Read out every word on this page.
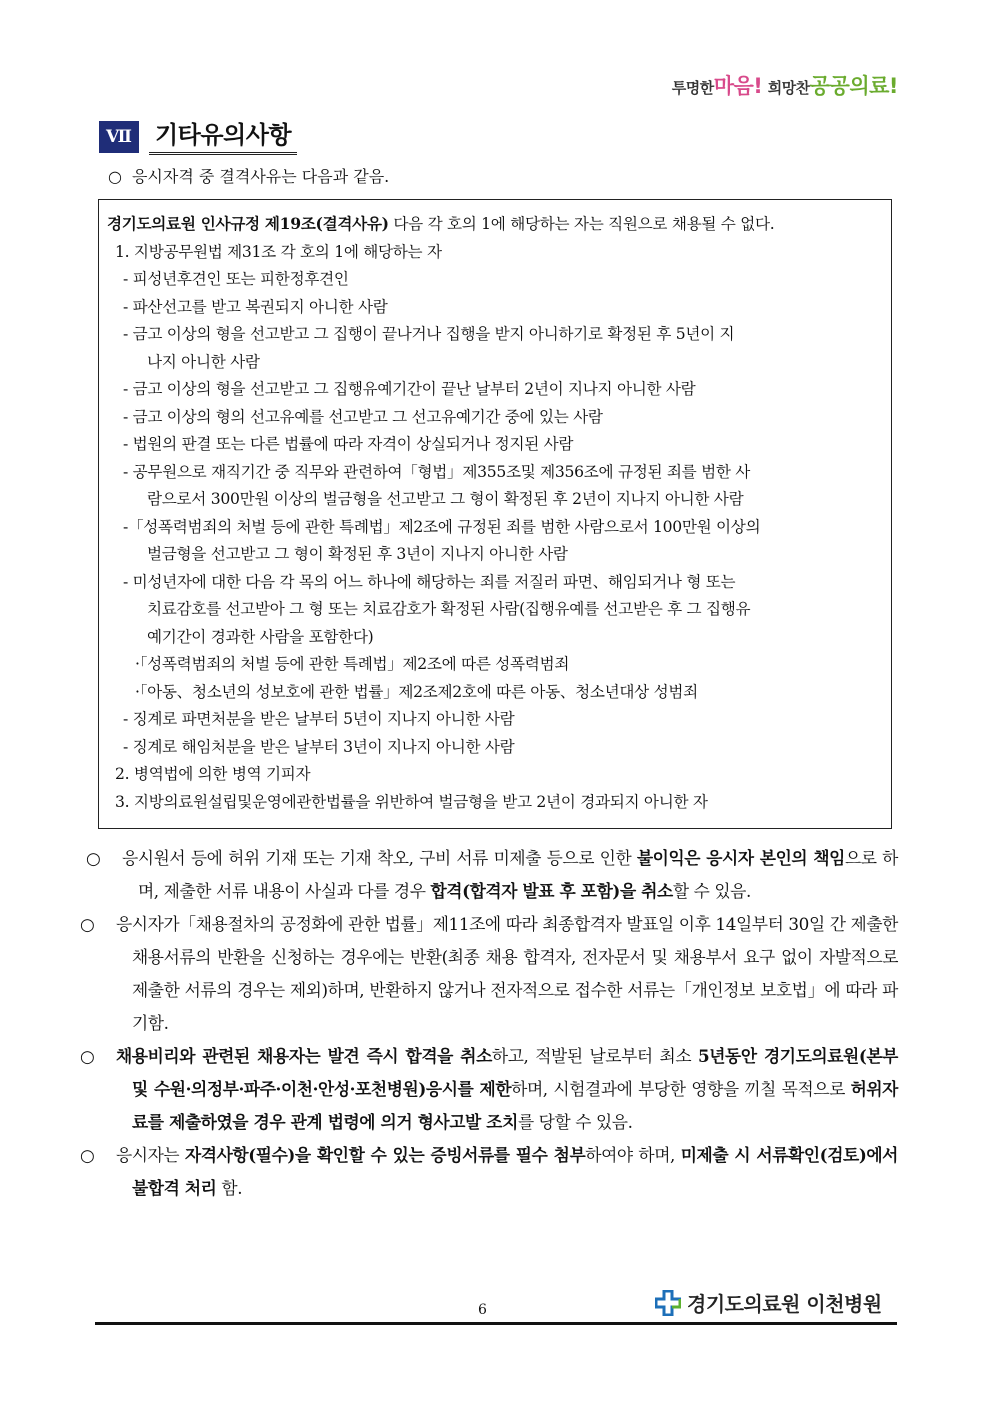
투명한마음! 희망찬공공의료!
Ⅶ 기타유의사항
○ 응시자격 중 결격사유는 다음과 같음.
경기도의료원 인사규정 제19조(결격사유) 다음 각 호의 1에 해당하는 자는 직원으로 채용될 수 없다.
1. 지방공무원법 제31조 각 호의 1에 해당하는 자
- 피성년후견인 또는 피한정후견인
- 파산선고를 받고 복권되지 아니한 사람
- 금고 이상의 형을 선고받고 그 집행이 끝나거나 집행을 받지 아니하기로 확정된 후 5년이 지
나지 아니한 사람
- 금고 이상의 형을 선고받고 그 집행유예기간이 끝난 날부터 2년이 지나지 아니한 사람
- 금고 이상의 형의 선고유예를 선고받고 그 선고유예기간 중에 있는 사람
- 법원의 판결 또는 다른 법률에 따라 자격이 상실되거나 정지된 사람
- 공무원으로 재직기간 중 직무와 관련하여「형법」제355조및 제356조에 규정된 죄를 범한 사
람으로서 300만원 이상의 벌금형을 선고받고 그 형이 확정된 후 2년이 지나지 아니한 사람
-「성폭력범죄의 처벌 등에 관한 특례법」제2조에 규정된 죄를 범한 사람으로서 100만원 이상의
벌금형을 선고받고 그 형이 확정된 후 3년이 지나지 아니한 사람
- 미성년자에 대한 다음 각 목의 어느 하나에 해당하는 죄를 저질러 파면、해임되거나 형 또는
치료감호를 선고받아 그 형 또는 치료감호가 확정된 사람(집행유예를 선고받은 후 그 집행유
예기간이 경과한 사람을 포함한다)
·「성폭력범죄의 처벌 등에 관한 특례법」제2조에 따른 성폭력범죄
·「아동、청소년의 성보호에 관한 법률」제2조제2호에 따른 아동、청소년대상 성범죄
- 징계로 파면처분을 받은 날부터 5년이 지나지 아니한 사람
- 징계로 해임처분을 받은 날부터 3년이 지나지 아니한 사람
2. 병역법에 의한 병역 기피자
3. 지방의료원설립및운영에관한법률을 위반하여 벌금형을 받고 2년이 경과되지 아니한 자

○ 응시원서 등에 허위 기재 또는 기재 착오, 구비 서류 미제출 등으로 인한 불이익은 응시자 본인의 책임으로 하며, 제출한 서류 내용이 사실과 다를 경우 합격(합격자 발표 후 포함)을 취소할 수 있음.

○ 응시자가「채용절차의 공정화에 관한 법률」제11조에 따라 최종합격자 발표일 이후 14일부터 30일 간 제출한 채용서류의 반환을 신청하는 경우에는 반환(최종 채용 합격자, 전자문서 및 채용부서 요구 없이 자발적으로 제출한 서류의 경우는 제외)하며, 반환하지 않거나 전자적으로 접수한 서류는「개인정보 보호법」에 따라 파기함.

○ 채용비리와 관련된 채용자는 발견 즉시 합격을 취소하고, 적발된 날로부터 최소 5년동안 경기도의료원(본부 및 수원·의정부·파주·이천·안성·포천병원)응시를 제한하며, 시험결과에 부당한 영향을 끼칠 목적으로 허위자료를 제출하였을 경우 관계 법령에 의거 형사고발 조치를 당할 수 있음.

○ 응시자는 자격사항(필수)을 확인할 수 있는 증빙서류를 필수 첨부하여야 하며, 미제출 시 서류확인(검토)에서 불합격 처리 함.

6	경기도의료원 이천병원
